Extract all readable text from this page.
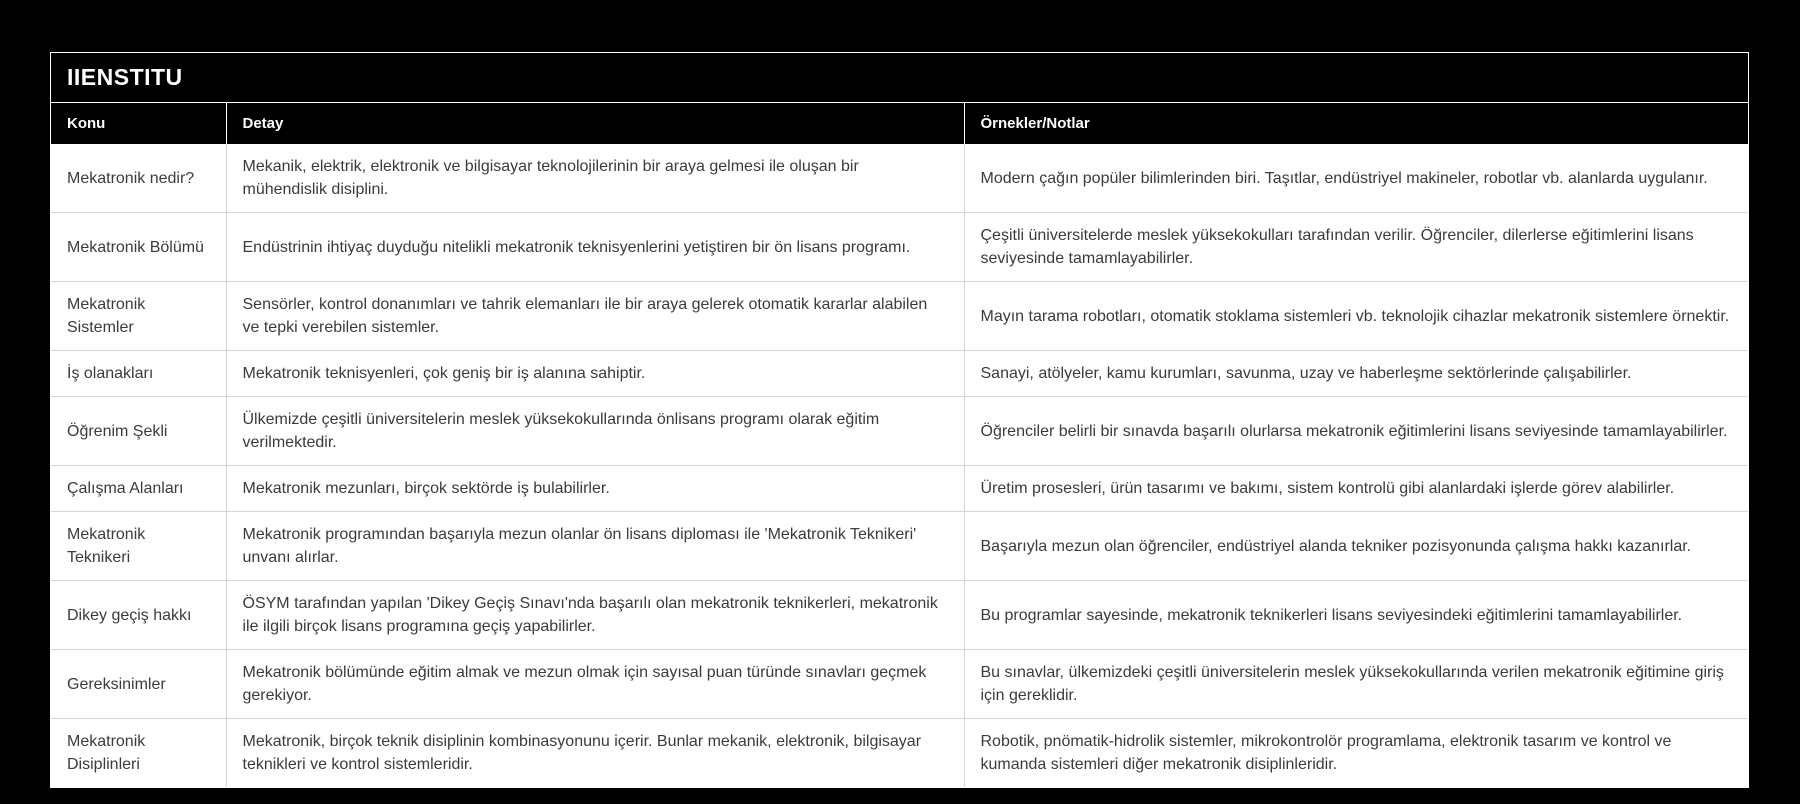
IIENSTITU
Konu	Detay	Örnekler/Notlar
Mekatronik nedir?	Mekanik, elektrik, elektronik ve bilgisayar teknolojilerinin bir araya gelmesi ile oluşan bir mühendislik disiplini.	Modern çağın popüler bilimlerinden biri. Taşıtlar, endüstriyel makineler, robotlar vb. alanlarda uygulanır.
Mekatronik Bölümü	Endüstrinin ihtiyaç duyduğu nitelikli mekatronik teknisyenlerini yetiştiren bir ön lisans programı.	Çeşitli üniversitelerde meslek yüksekokulları tarafından verilir. Öğrenciler, dilerlerse eğitimlerini lisans seviyesinde tamamlayabilirler.
Mekatronik Sistemler	Sensörler, kontrol donanımları ve tahrik elemanları ile bir araya gelerek otomatik kararlar alabilen ve tepki verebilen sistemler.	Mayın tarama robotları, otomatik stoklama sistemleri vb. teknolojik cihazlar mekatronik sistemlere örnektir.
İş olanakları	Mekatronik teknisyenleri, çok geniş bir iş alanına sahiptir.	Sanayi, atölyeler, kamu kurumları, savunma, uzay ve haberleşme sektörlerinde çalışabilirler.
Öğrenim Şekli	Ülkemizde çeşitli üniversitelerin meslek yüksekokullarında önlisans programı olarak eğitim verilmektedir.	Öğrenciler belirli bir sınavda başarılı olurlarsa mekatronik eğitimlerini lisans seviyesinde tamamlayabilirler.
Çalışma Alanları	Mekatronik mezunları, birçok sektörde iş bulabilirler.	Üretim prosesleri, ürün tasarımı ve bakımı, sistem kontrolü gibi alanlardaki işlerde görev alabilirler.
Mekatronik Teknikeri	Mekatronik programından başarıyla mezun olanlar ön lisans diploması ile 'Mekatronik Teknikeri' unvanı alırlar.	Başarıyla mezun olan öğrenciler, endüstriyel alanda tekniker pozisyonunda çalışma hakkı kazanırlar.
Dikey geçiş hakkı	ÖSYM tarafından yapılan 'Dikey Geçiş Sınavı'nda başarılı olan mekatronik teknikerleri, mekatronik ile ilgili birçok lisans programına geçiş yapabilirler.	Bu programlar sayesinde, mekatronik teknikerleri lisans seviyesindeki eğitimlerini tamamlayabilirler.
Gereksinimler	Mekatronik bölümünde eğitim almak ve mezun olmak için sayısal puan türünde sınavları geçmek gerekiyor.	Bu sınavlar, ülkemizdeki çeşitli üniversitelerin meslek yüksekokullarında verilen mekatronik eğitimine giriş için gereklidir.
Mekatronik Disiplinleri	Mekatronik, birçok teknik disiplinin kombinasyonunu içerir. Bunlar mekanik, elektronik, bilgisayar teknikleri ve kontrol sistemleridir.	Robotik, pnömatik-hidrolik sistemler, mikrokontrolör programlama, elektronik tasarım ve kontrol ve kumanda sistemleri diğer mekatronik disiplinleridir.
